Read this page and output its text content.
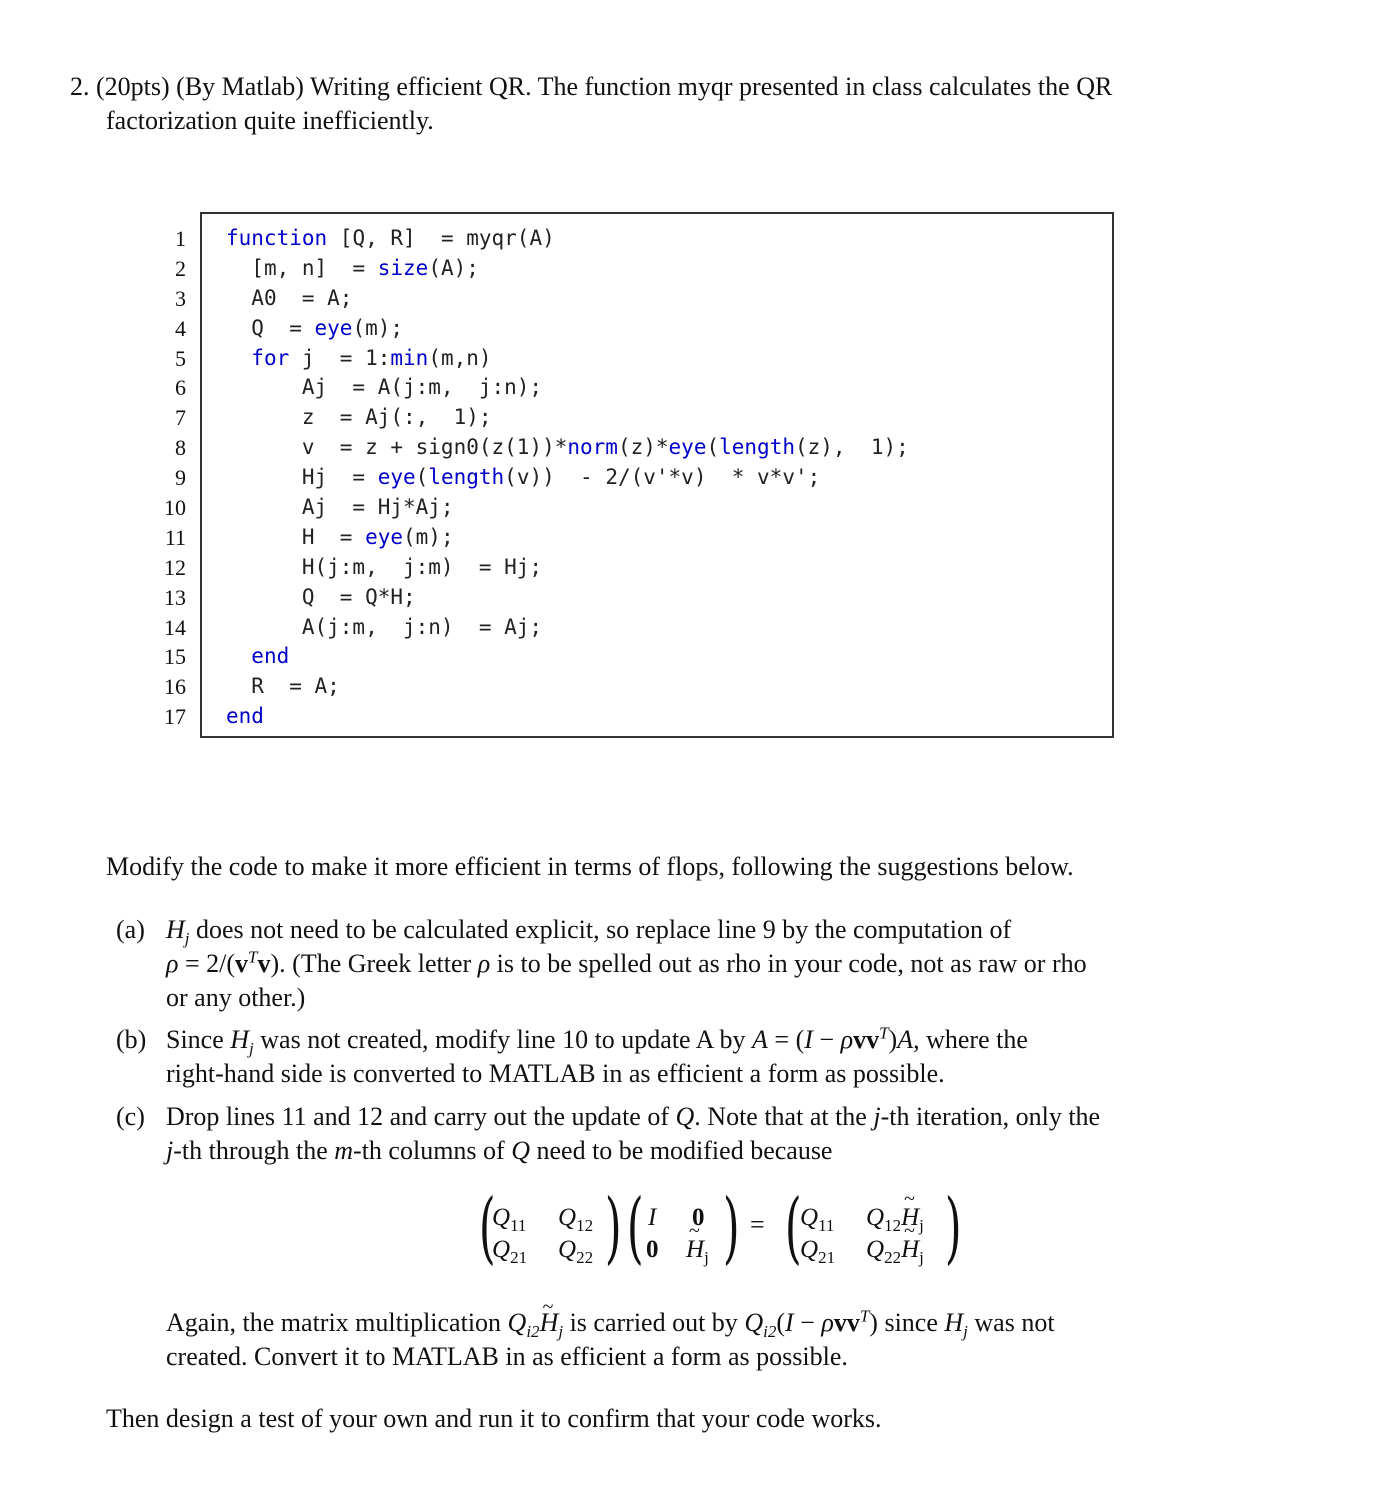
2. (20pts) (By Matlab) Writing efficient QR. The function myqr presented in class calculates the QR
factorization quite inefficiently.
1
2
3
4
5
6
7
8
9
10
11
12
13
14
15
16
17
function [Q, R]  = myqr(A)
[m, n]  = size(A);
A0  = A;
Q  = eye(m);
for j  = 1:min(m,n)
Aj  = A(j:m,  j:n);
z  = Aj(:,  1);
v  = z + sign0(z(1))*norm(z)*eye(length(z),  1);
Hj  = eye(length(v))  - 2/(v'*v)  * v*v';
Aj  = Hj*Aj;
H  = eye(m);
H(j:m,  j:m)  = Hj;
Q  = Q*H;
A(j:m,  j:n)  = Aj;
end
R  = A;
end
Modify the code to make it more efficient in terms of flops, following the suggestions below.
(a) $H_j$ does not need to be calculated explicit, so replace line 9 by the computation of
$\rho = 2/(v^Tv)$. (The Greek letter ρ is to be spelled out as rho in your code, not as raw or rho
or any other.)
(b) Since $H_j$ was not created, modify line 10 to update A by A = (I − ρvv$^T$)A, where the
right-hand side is converted to MATLAB in as efficient a form as possible.
(c) Drop lines 11 and 12 and carry out the update of Q. Note that at the j-th iteration, only the
j-th through the m-th columns of Q need to be modified because
(
$Q_{11}$ $Q_{12}$
$Q_{21}$ $Q_{22}$ ) ( I 0
0
~ $H_j$ ) = (
$Q_{11}$ $Q_{12}\sim$ $H_j$
$Q_{21}$ $Q_{22}\sim$ $H_j$ )
Again, the matrix multiplication $Q_{i2}\sim$ $H_j$ is carried out by $Q_{i2}(I - \rho vv^T)$ since $H_j$ was not
created. Convert it to MATLAB in as efficient a form as possible.
Then design a test of your own and run it to confirm that your code works.
